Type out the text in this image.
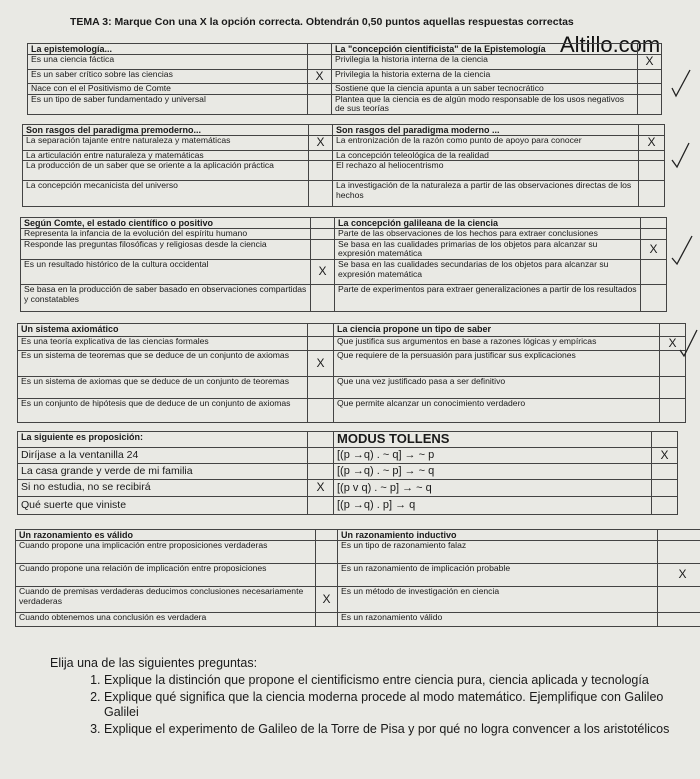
TEMA 3: Marque Con una X la opción correcta. Obtendrán 0,50 puntos aquellas respuestas correctas
Altillo.com
La epistemología...		La "concepción cientificista" de la Epistemología	
Es una ciencia fáctica		Privilegia la historia interna de la ciencia	X
Es un saber crítico sobre las ciencias	X	Privilegia la historia externa de la ciencia	
Nace con el el Positivismo de Comte		Sostiene que la ciencia apunta a un saber tecnocrático	
Es un tipo de saber fundamentado y universal		Plantea que la ciencia es de algún modo responsable de los usos negativos de sus teorías	
Son rasgos del paradigma premoderno...		Son rasgos del paradigma moderno ...	
La separación tajante entre naturaleza y matemáticas	X	La entronización de la razón como punto de apoyo para conocer	X
La articulación entre naturaleza y matemáticas		La concepción teleológica de la realidad	
La producción de un saber que se oriente a la aplicación práctica		El rechazo al heliocentrismo	
La concepción mecanicista del universo		La investigación de la naturaleza a partir de las observaciones directas de los hechos	
Según Comte, el estado científico o positivo		La concepción galileana de la ciencia	
Representa la infancia de la evolución del espíritu humano		Parte de las observaciones de los hechos para extraer conclusiones	
Responde las preguntas filosóficas y religiosas desde la ciencia		Se basa en las cualidades primarias de los objetos para alcanzar su expresión matemática	X
Es un resultado histórico de la cultura occidental	X	Se basa en las cualidades secundarias de los objetos para alcanzar su expresión matemática	
Se basa en la producción de saber basado en observaciones compartidas y constatables		Parte de experimentos para extraer generalizaciones a partir de los resultados	
Un sistema axiomático		La ciencia propone un tipo de saber	
Es una teoría explicativa de las ciencias formales		Que justifica sus argumentos en base a razones lógicas y empíricas	X
Es un sistema de teoremas que se deduce de un conjunto de axiomas	X	Que requiere de la persuasión para justificar sus explicaciones	
Es un sistema de axiomas que se deduce de un conjunto de teoremas		Que una vez justificado pasa a ser definitivo	
Es un conjunto de hipótesis que de deduce de un conjunto de axiomas		Que permite alcanzar un conocimiento verdadero	
La siguiente es proposición:		MODUS TOLLENS	
Diríjase a la ventanilla 24		[(p →q) . ~ q] → ~ p	X
La casa grande y verde de mi familia		[(p →q) . ~ p] → ~ q	
Si no estudia, no se recibirá	X	[(p v q) . ~ p] → ~ q	
Qué suerte que viniste		[(p →q) . p] → q	
Un razonamiento es válido		Un razonamiento inductivo	
Cuando propone una implicación entre proposiciones verdaderas		Es un tipo de razonamiento falaz	
Cuando propone una relación de implicación entre proposiciones		Es un razonamiento de implicación probable	X
Cuando de premisas verdaderas deducimos conclusiones necesariamente verdaderas	X	Es un método de investigación en ciencia	
Cuando obtenemos una conclusión es verdadera		Es un razonamiento válido	

Elija una de las siguientes preguntas:

1. Explique la distinción que propone el cientificismo entre ciencia pura, ciencia aplicada y tecnología
2. Explique qué significa que la ciencia moderna procede al modo matemático. Ejemplifique con Galileo Galilei
3. Explique el experimento de Galileo de la Torre de Pisa y por qué no logra convencer a los aristotélicos
